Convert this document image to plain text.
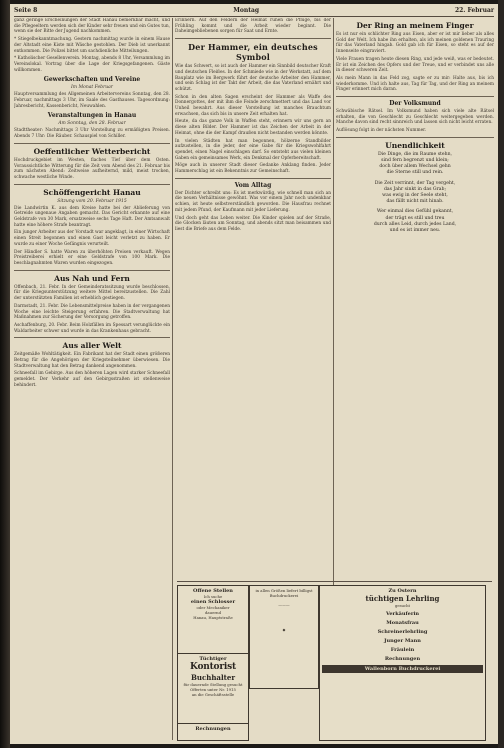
Seite 8	Montag	22. Februar

ganz geringe Erscheinungen der Stadt Hanau bemerkbar macht, und die Pflegeeltern werden sich der Kinder sehr freuen und ein Gutes tun, wenn sie der Bitte der Jugend nachkommen.

* Stiegelbekanntmachung. Gestern nachmittag wurde in einem Hause der Altstadt eine Kiste mit Wäsche gestohlen. Der Dieb ist unerkannt entkommen. Die Polizei bittet um sachdienliche Mitteilungen.

* Katholischer Gesellenverein. Montag, abends 8 Uhr, Versammlung im Vereinslokal. Vortrag über die Lage der Kriegsgefangenen. Gäste willkommen.

Gewerkschaften und Vereine
Im Monat Februar

Hauptversammlung des Allgemeinen Arbeitervereins Sonntag, den 28. Februar, nachmittags 3 Uhr, im Saale des Gasthauses. Tagesordnung: Jahresbericht, Kassenbericht, Neuwahlen.

Veranstaltungen in Hanau
Am Sonntag, den 28. Februar

Stadttheater: Nachmittags 3 Uhr Vorstellung zu ermäßigten Preisen. Abends 7 Uhr: Die Räuber. Schauspiel von Schiller.

Oeffentlicher Wetterbericht

Hochdruckgebiet im Westen, flaches Tief über dem Osten. Voraussichtliche Witterung für die Zeit vom Abend des 21. Februar bis zum nächsten Abend: Zeitweise aufheiternd, mild, meist trocken, schwache westliche Winde.

Schöffengericht Hanau
Sitzung vom 20. Februar 1915

Die Landwirtin K. aus dem Kreise hatte bei der Ablieferung von Getreide ungenaue Angaben gemacht. Das Gericht erkannte auf eine Geldstrafe von 30 Mark, ersatzweise sechs Tage Haft. Der Amtsanwalt hatte eine höhere Strafe beantragt.

Ein junger Arbeiter aus der Vorstadt war angeklagt, in einer Wirtschaft einen Streit begonnen und einen Gast leicht verletzt zu haben. Er wurde zu einer Woche Gefängnis verurteilt.

Der Händler S. hatte Waren zu überhöhten Preisen verkauft. Wegen Preistreiberei erhielt er eine Geldstrafe von 100 Mark. Die beschlagnahmten Waren wurden eingezogen.

Aus Nah und Fern

Offenbach, 21. Febr. In der Gemeinderatssitzung wurde beschlossen, für die Kriegsunterstützung weitere Mittel bereitzustellen. Die Zahl der unterstützten Familien ist erheblich gestiegen.

Darmstadt, 21. Febr. Die Lebensmittelpreise haben in der vergangenen Woche eine leichte Steigerung erfahren. Die Stadtverwaltung hat Maßnahmen zur Sicherung der Versorgung getroffen.

Aschaffenburg, 20. Febr. Beim Holzfällen im Spessart verunglückte ein Waldarbeiter schwer und wurde in das Krankenhaus gebracht.

Aus aller Welt

Zeitgemäße Wohltätigkeit. Ein Fabrikant hat der Stadt einen größeren Betrag für die Angehörigen der Kriegsteilnehmer überwiesen. Die Stadtverwaltung hat den Betrag dankend angenommen.

Schneefall im Gebirge. Aus den höheren Lagen wird starker Schneefall gemeldet. Der Verkehr auf den Gebirgsstraßen ist stellenweise behindert.

Erinnern. Auf den Feldern der Heimat ruhen die Pflüge, bis der Frühling kommt und die Arbeit wieder beginnt. Die Daheimgebliebenen sorgen für Saat und Ernte.

Der Hammer, ein deutsches Symbol

Wie das Schwert, so ist auch der Hammer ein Sinnbild deutscher Kraft und deutschen Fleißes. In der Schmiede wie in der Werkstatt, auf dem Bauplatz wie im Bergwerk führt der deutsche Arbeiter den Hammer, und sein Schlag ist der Takt der Arbeit, die das Vaterland ernährt und schützt.

Schon in den alten Sagen erscheint der Hammer als Waffe des Donnergottes, der mit ihm die Feinde zerschmettert und das Land vor Unheil bewahrt. Aus dieser Vorstellung ist manches Brauchtum erwachsen, das sich bis in unsere Zeit erhalten hat.

Heute, da das ganze Volk in Waffen steht, erinnern wir uns gern an diese alten Bilder. Der Hammer ist das Zeichen der Arbeit in der Heimat, ohne die der Kampf draußen nicht bestanden werden könnte.

In vielen Städten hat man begonnen, hölzerne Standbilder aufzustellen, in die jeder, der eine Gabe für die Kriegswohlfahrt spendet, einen Nagel einschlagen darf. So entsteht aus vielen kleinen Gaben ein gemeinsames Werk, ein Denkmal der Opferbereitschaft.

Möge auch in unserer Stadt dieser Gedanke Anklang finden. Jeder Hammerschlag ist ein Bekenntnis zur Gemeinschaft.

Vom Alltag

Der Dichter schreibt uns: Es ist merkwürdig, wie schnell man sich an die neuen Verhältnisse gewöhnt. Was vor einem Jahr noch undenkbar schien, ist heute selbstverständlich geworden. Die Hausfrau rechnet mit jedem Pfund, der Kaufmann mit jeder Lieferung.

Und doch geht das Leben weiter. Die Kinder spielen auf der Straße, die Glocken läuten am Sonntag, und abends sitzt man beisammen und liest die Briefe aus dem Felde.

Der Ring an meinem Finger

Es ist nur ein schlichter Ring aus Eisen, aber er ist mir lieber als alles Gold der Welt. Ich habe ihn erhalten, als ich meinen goldenen Trauring für das Vaterland hingab. Gold gab ich für Eisen, so steht es auf der Innenseite eingraviert.

Viele Frauen tragen heute diesen Ring, und jede weiß, was er bedeutet. Er ist ein Zeichen des Opfers und der Treue, und er verbindet uns alle in dieser schweren Zeit.

Als mein Mann in das Feld zog, sagte er zu mir: Halte aus, bis ich wiederkomme. Und ich halte aus, Tag für Tag, und der Ring an meinem Finger erinnert mich daran.

Der Volksmund

Schwäbische Rätsel. Im Volksmund haben sich viele alte Rätsel erhalten, die von Geschlecht zu Geschlecht weitergegeben werden. Manche davon sind recht sinnreich und lassen sich nicht leicht erraten.

Auflösung folgt in der nächsten Nummer.

Unendlichkeit
Die Dinge, die im Raume stehn,
sind fern begrenzt und klein;
doch über allem Wechsel gehn
die Sterne still und rein.
Die Zeit verrinnt, der Tag vergeht,
das Jahr sinkt in das Grab;
was ewig in der Seele steht,
das fällt nicht mit hinab.
Wer einmal dies Gefühl gekannt,
der trägt es still und treu
durch alles Leid, durch jedes Land,
und es ist immer neu.
Offene Stellen
Ich suche
einen Schlosser
oder Mechaniker
dauernd
Hanau, Hauptstraße
Tüchtiger
Kontorist
Buchhalter
für dauernde Stellung gesucht
Offerten unter Nr. 1915
an die Geschäftsstelle
Rechnungen
in allen Größen liefert billigst
Buchdruckerei
———
◆
Zu Ostern
tüchtigen Lehrling
gesucht
Verkäuferin
Monatsfrau
Schreinerlehrling
Junger Mann
Fräulein
Rechnungen
Wallenborn Buchdruckerei
